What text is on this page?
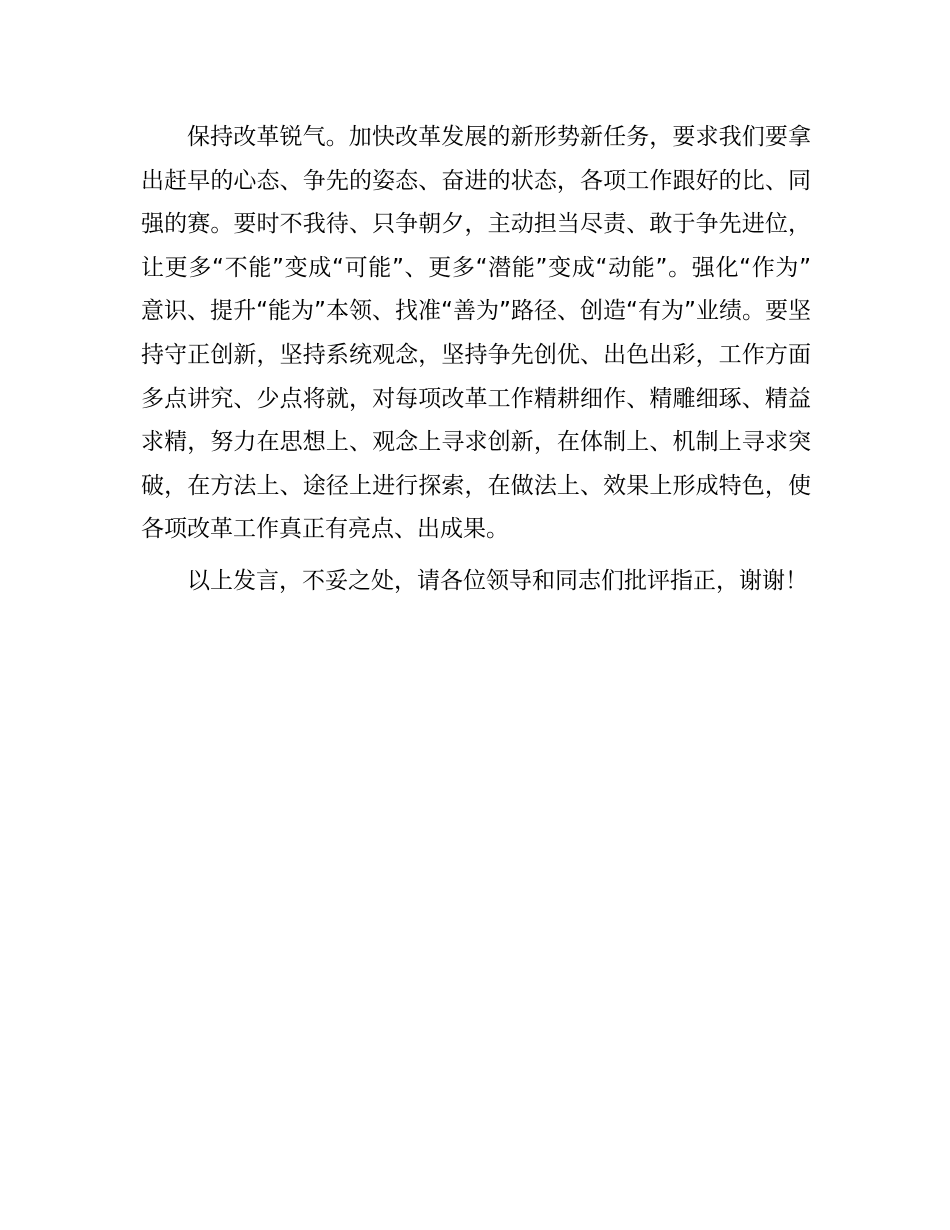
保持改革锐气。加快改革发展的新形势新任务，要求我们要拿出赶早的心态、争先的姿态、奋进的状态，各项工作跟好的比、同强的赛。要时不我待、只争朝夕，主动担当尽责、敢于争先进位，让更多“不能”变成“可能”、更多“潜能”变成“动能”。强化“作为”意识、提升“能为”本领、找准“善为”路径、创造“有为”业绩。要坚持守正创新，坚持系统观念，坚持争先创优、出色出彩，工作方面多点讲究、少点将就，对每项改革工作精耕细作、精雕细琢、精益求精，努力在思想上、观念上寻求创新，在体制上、机制上寻求突破，在方法上、途径上进行探索，在做法上、效果上形成特色，使各项改革工作真正有亮点、出成果。

以上发言，不妥之处，请各位领导和同志们批评指正，谢谢！
